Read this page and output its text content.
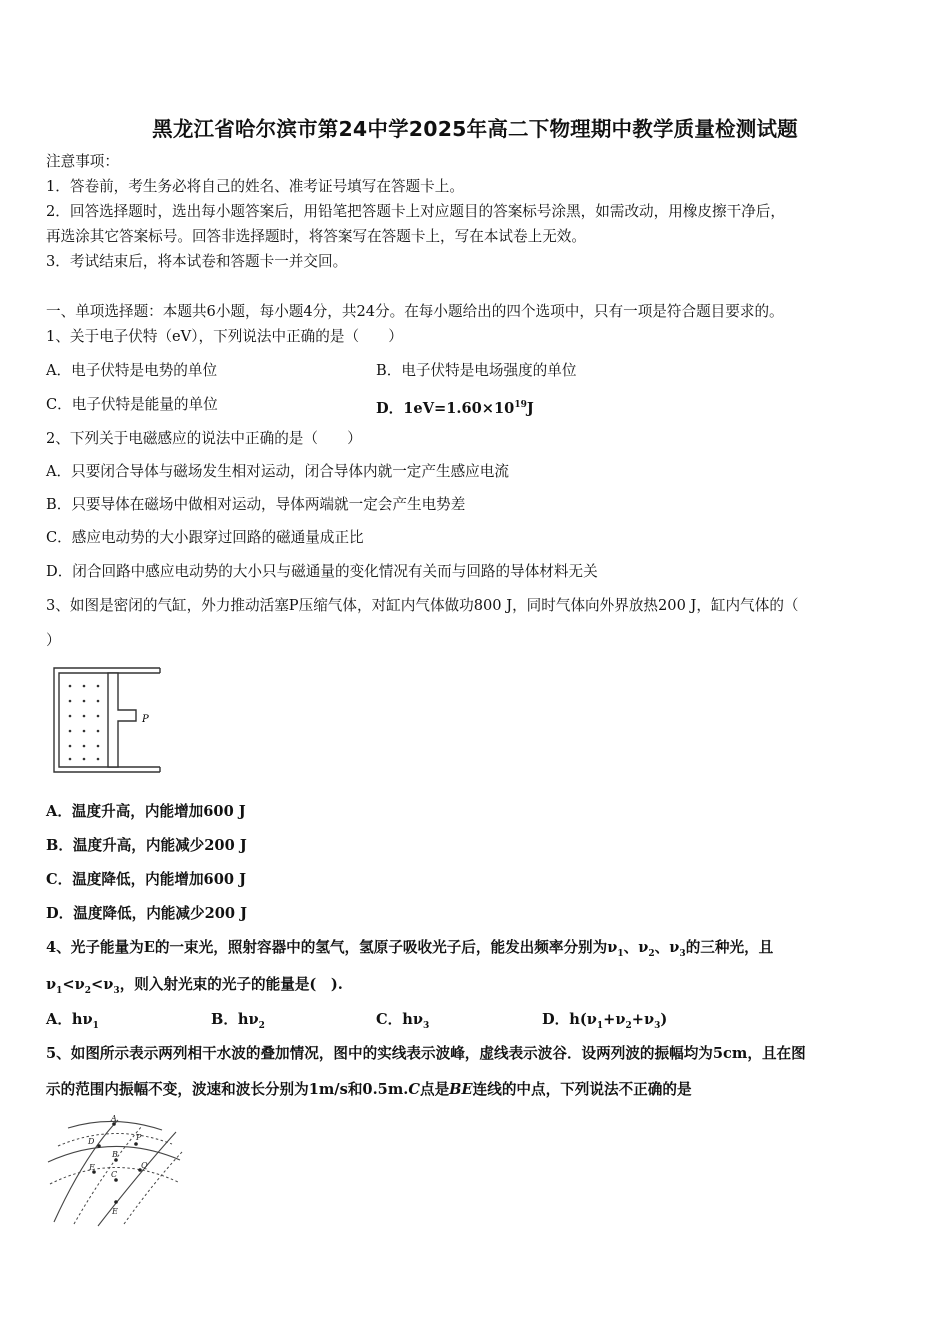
黑龙江省哈尔滨市第24中学2025年高二下物理期中教学质量检测试题
注意事项：
1．答卷前，考生务必将自己的姓名、准考证号填写在答题卡上。
2．回答选择题时，选出每小题答案后，用铅笔把答题卡上对应题目的答案标号涂黑，如需改动，用橡皮擦干净后，
再选涂其它答案标号。回答非选择题时，将答案写在答题卡上，写在本试卷上无效。
3．考试结束后，将本试卷和答题卡一并交回。
一、单项选择题：本题共6小题，每小题4分，共24分。在每小题给出的四个选项中，只有一项是符合题目要求的。
1、关于电子伏特（eV），下列说法中正确的是（　　）
A．电子伏特是电势的单位	B．电子伏特是电场强度的单位
C．电子伏特是能量的单位	D．$1eV=1.60\times 10^{19}J$
2、下列关于电磁感应的说法中正确的是（　　）
A．只要闭合导体与磁场发生相对运动，闭合导体内就一定产生感应电流
B．只要导体在磁场中做相对运动，导体两端就一定会产生电势差
C．感应电动势的大小跟穿过回路的磁通量成正比
D．闭合回路中感应电动势的大小只与磁通量的变化情况有关而与回路的导体材料无关
3、如图是密闭的气缸，外力推动活塞P压缩气体，对缸内气体做功800 J，同时气体向外界放热200 J，缸内气体的（
）
P
A．温度升高，内能增加600 J
B．温度升高，内能减少200 J
C．温度降低，内能增加600 J
D．温度降低，内能减少200 J
4、光子能量为E的一束光，照射容器中的氢气，氢原子吸收光子后，能发出频率分别为$\nu_1$、$\nu_2$、$\nu_3$的三种光，且
$\nu_1<\nu_2<\nu_3$，则入射光束的光子的能量是(　).
A．$h\nu_1$	B．$h\nu_2$	C．$h\nu_3$	D．$h(\nu_1+\nu_2+\nu_3)$
5、如图所示表示两列相干水波的叠加情况，图中的实线表示波峰，虚线表示波谷．设两列波的振幅均为5cm，且在图
示的范围内振幅不变，波速和波长分别为1m/s和0.5m.C点是BE连线的中点，下列说法不正确的是
A
D	P
B
F
C
Q
E
